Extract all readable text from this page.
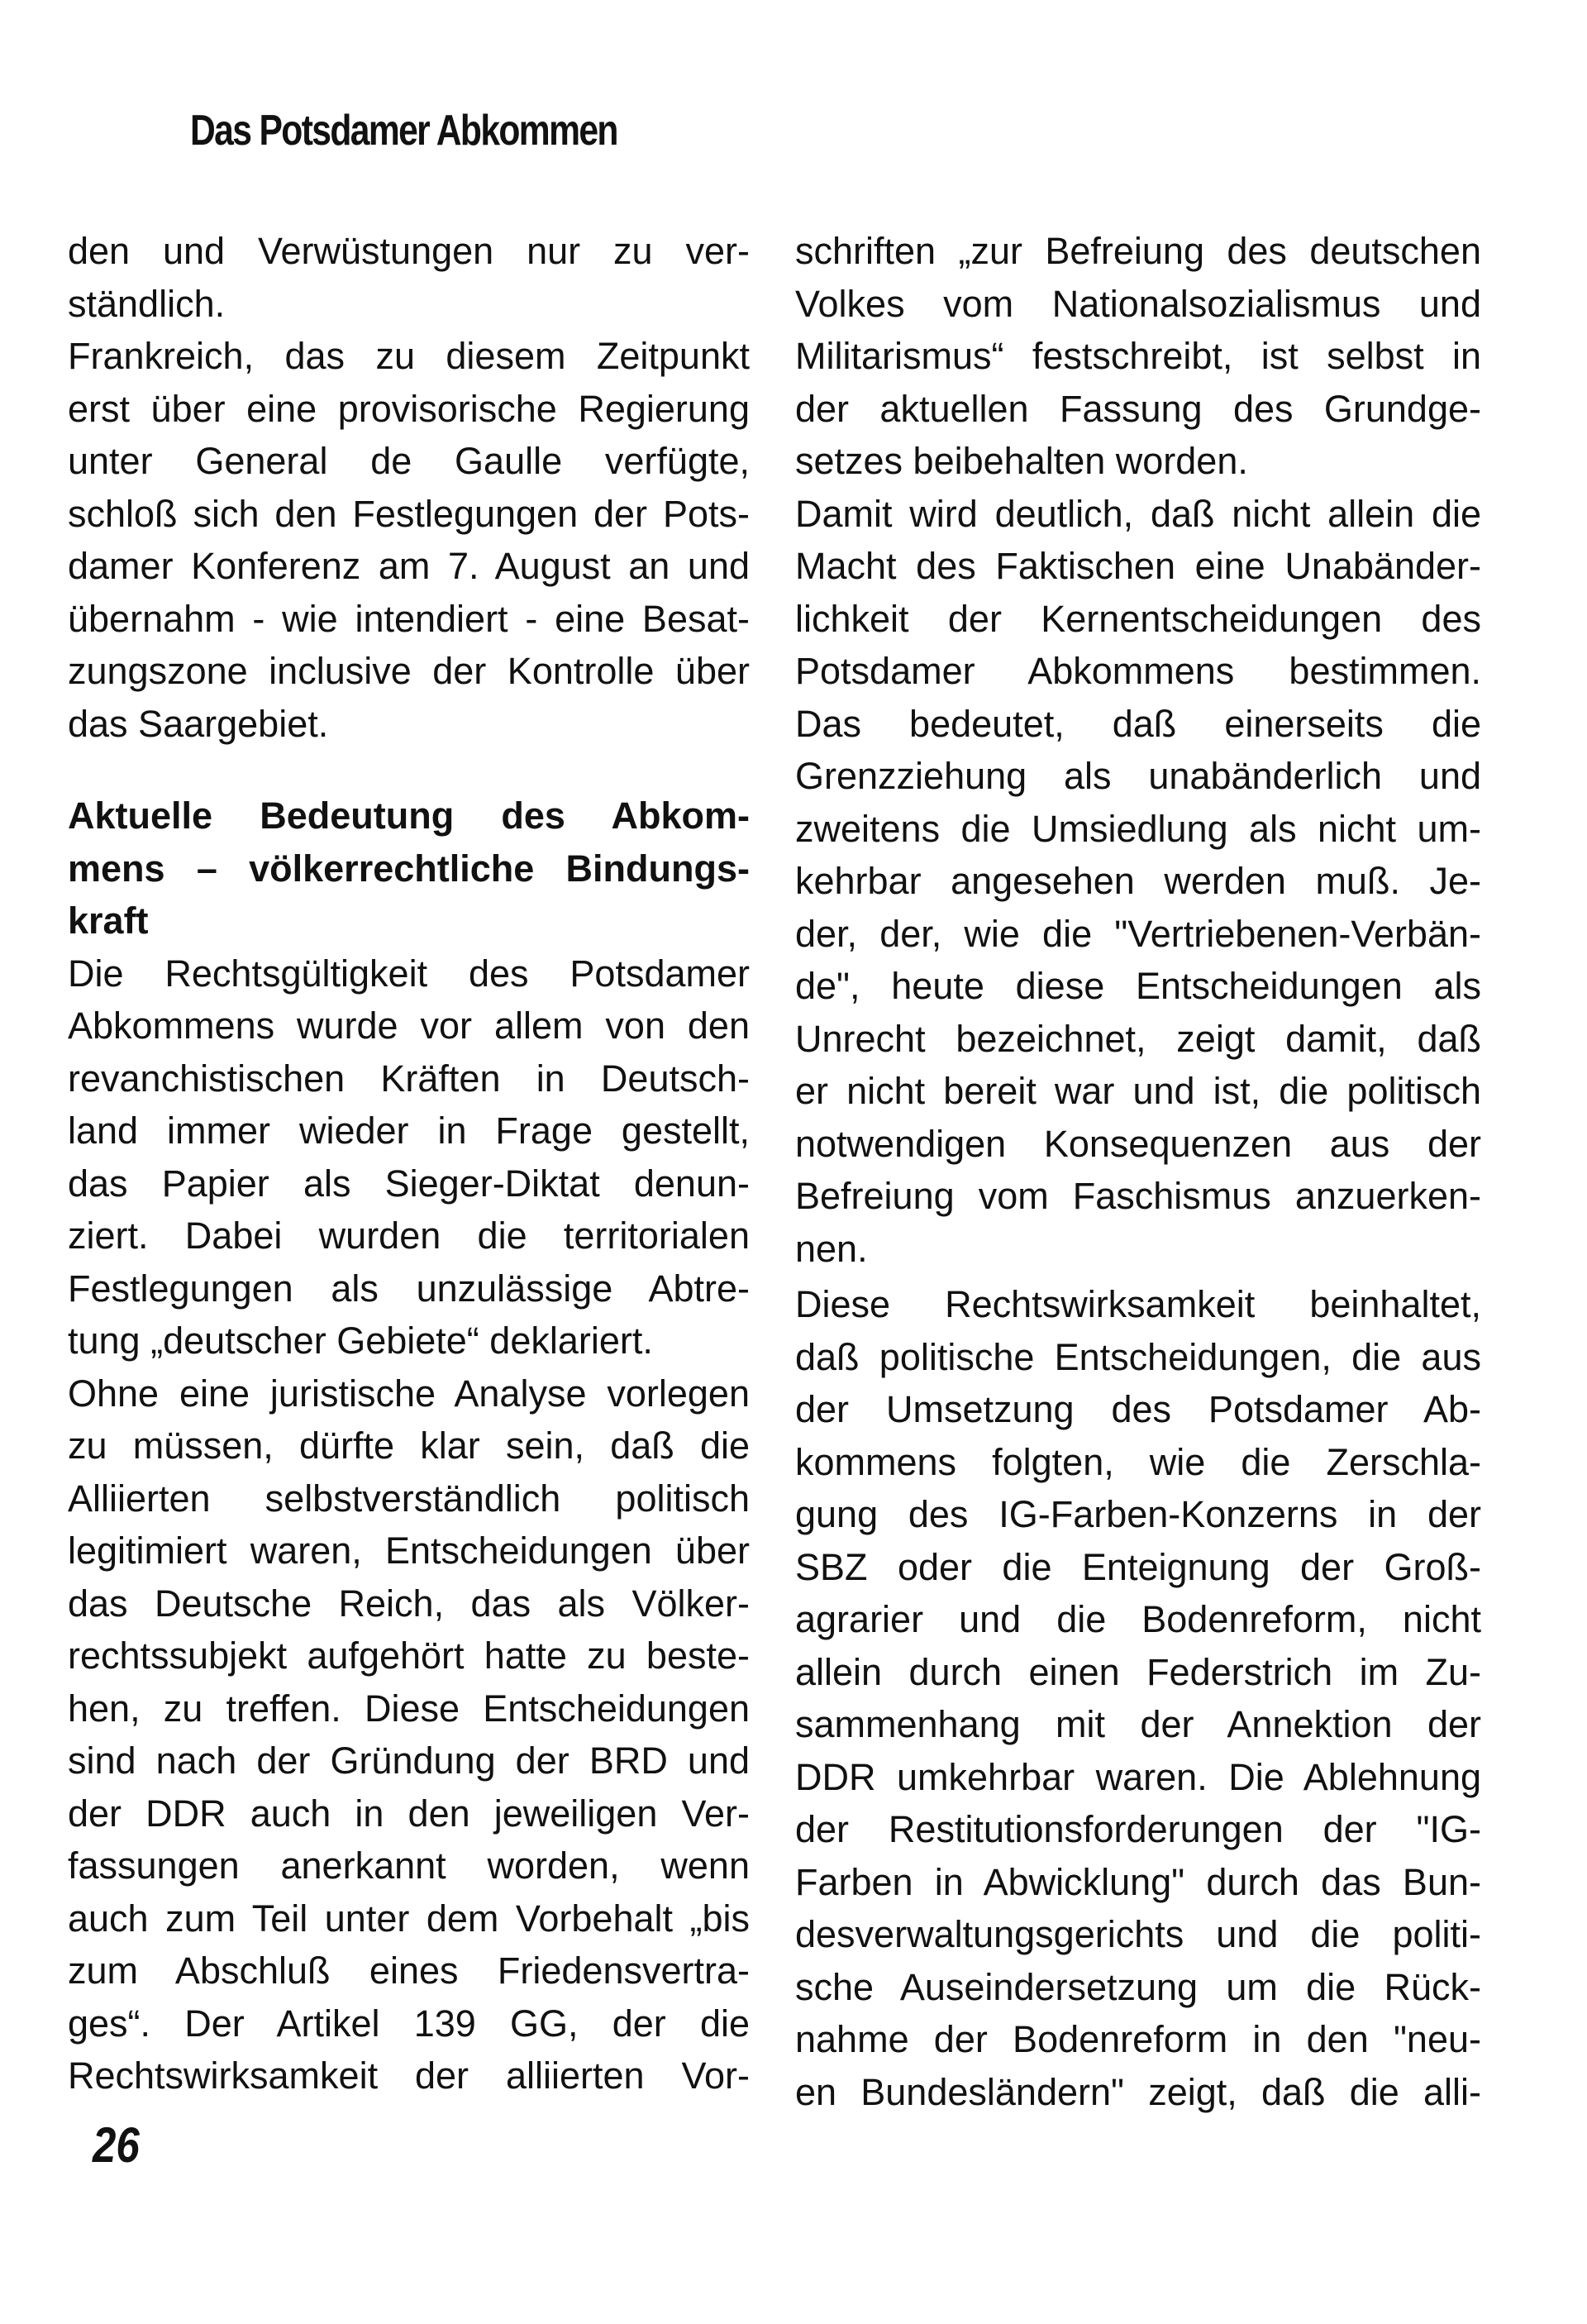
Das Potsdamer Abkommen
den und Verwüstungen nur zu ver-
ständlich.
Frankreich, das zu diesem Zeitpunkt
erst über eine provisorische Regierung
unter General de Gaulle verfügte,
schloß sich den Festlegungen der Pots-
damer Konferenz am 7. August an und
übernahm - wie intendiert - eine Besat-
zungszone inclusive der Kontrolle über
das Saargebiet.
Aktuelle Bedeutung des Abkom-
mens – völkerrechtliche Bindungs-
kraft
Die Rechtsgültigkeit des Potsdamer
Abkommens wurde vor allem von den
revanchistischen Kräften in Deutsch-
land immer wieder in Frage gestellt,
das Papier als Sieger-Diktat denun-
ziert. Dabei wurden die territorialen
Festlegungen als unzulässige Abtre-
tung „deutscher Gebiete“ deklariert.
Ohne eine juristische Analyse vorlegen
zu müssen, dürfte klar sein, daß die
Alliierten selbstverständlich politisch
legitimiert waren, Entscheidungen über
das Deutsche Reich, das als Völker-
rechtssubjekt aufgehört hatte zu beste-
hen, zu treffen. Diese Entscheidungen
sind nach der Gründung der BRD und
der DDR auch in den jeweiligen Ver-
fassungen anerkannt worden, wenn
auch zum Teil unter dem Vorbehalt „bis
zum Abschluß eines Friedensvertra-
ges“. Der Artikel 139 GG, der die
Rechtswirksamkeit der alliierten Vor-
schriften „zur Befreiung des deutschen
Volkes vom Nationalsozialismus und
Militarismus“ festschreibt, ist selbst in
der aktuellen Fassung des Grundge-
setzes beibehalten worden.
Damit wird deutlich, daß nicht allein die
Macht des Faktischen eine Unabänder-
lichkeit der Kernentscheidungen des
Potsdamer Abkommens bestimmen.
Das bedeutet, daß einerseits die
Grenzziehung als unabänderlich und
zweitens die Umsiedlung als nicht um-
kehrbar angesehen werden muß. Je-
der, der, wie die "Vertriebenen-Verbän-
de", heute diese Entscheidungen als
Unrecht bezeichnet, zeigt damit, daß
er nicht bereit war und ist, die politisch
notwendigen Konsequenzen aus der
Befreiung vom Faschismus anzuerken-
nen.
Diese Rechtswirksamkeit beinhaltet,
daß politische Entscheidungen, die aus
der Umsetzung des Potsdamer Ab-
kommens folgten, wie die Zerschla-
gung des IG-Farben-Konzerns in der
SBZ oder die Enteignung der Groß-
agrarier und die Bodenreform, nicht
allein durch einen Federstrich im Zu-
sammenhang mit der Annektion der
DDR umkehrbar waren. Die Ablehnung
der Restitutionsforderungen der "IG-
Farben in Abwicklung" durch das Bun-
desverwaltungsgerichts und die politi-
sche Auseindersetzung um die Rück-
nahme der Bodenreform in den "neu-
en Bundesländern" zeigt, daß die alli-
26
